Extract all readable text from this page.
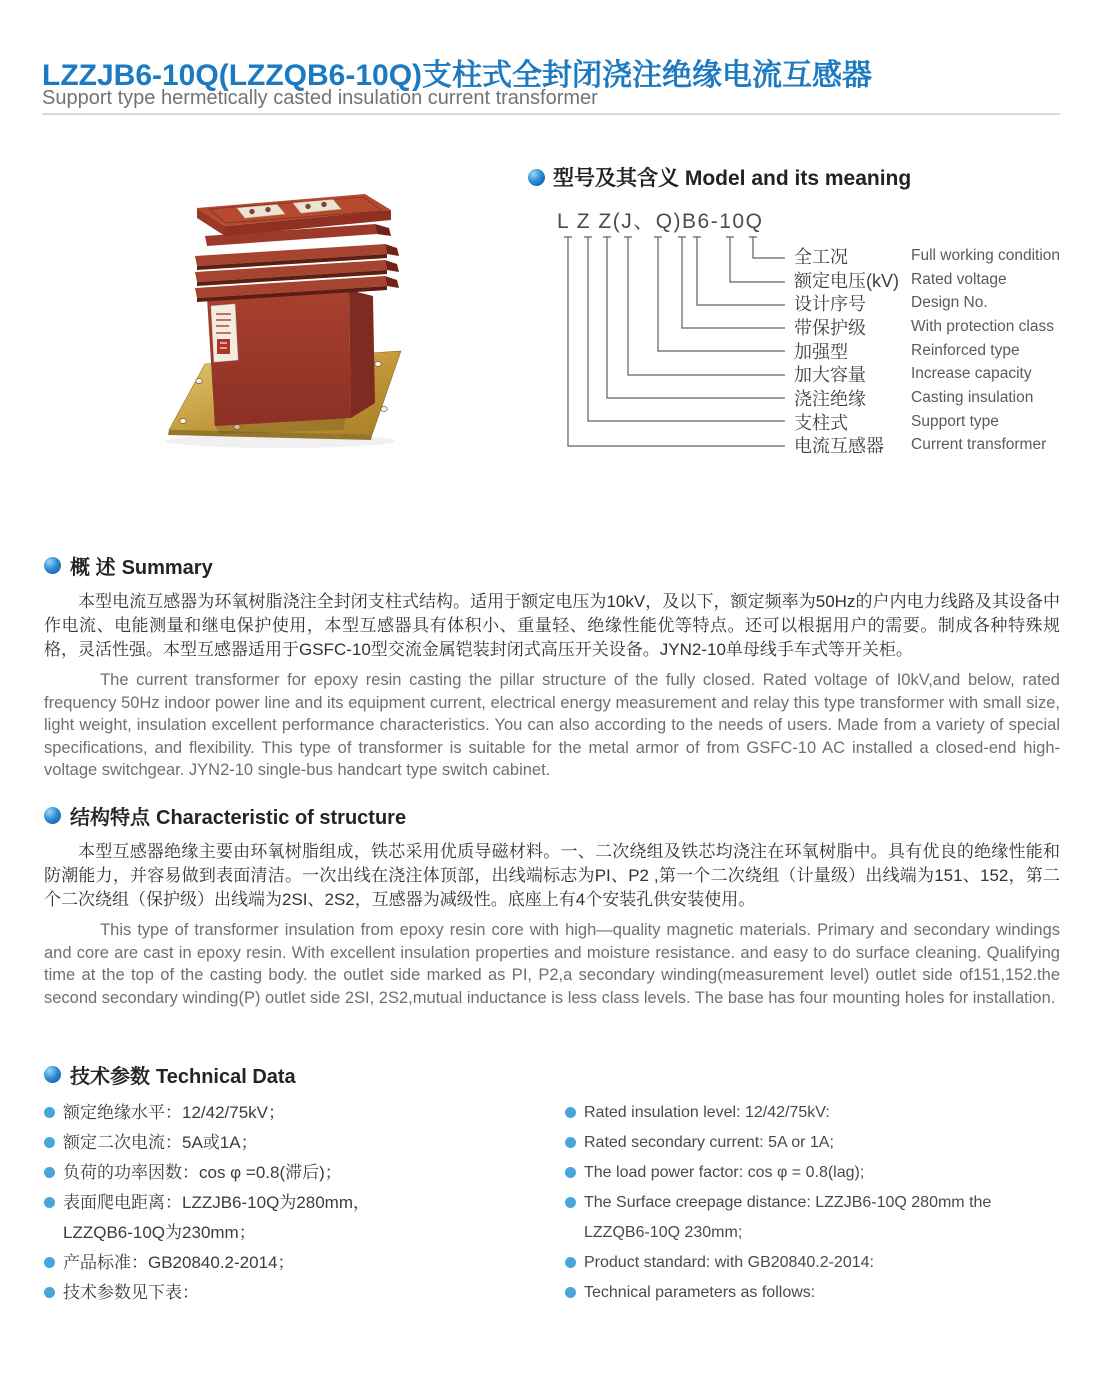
LZZJB6-10Q(LZZQB6-10Q)支柱式全封闭浇注绝缘电流互感器
Support type hermetically casted insulation current transformer
型号及其含义 Model and its meaning
L Z Z(J、Q)B6-10Q
全工况
额定电压(kV)
设计序号
带保护级
加强型
加大容量
浇注绝缘
支柱式
电流互感器
Full working condition
Rated voltage
Design No.
With protection class
Reinforced type
Increase capacity
Casting insulation
Support type
Current transformer
概 述 Summary

本型电流互感器为环氧树脂浇注全封闭支柱式结构。适用于额定电压为10kV，及以下，额定频率为50Hz的户内电力线路及其设备中作电流、电能测量和继电保护使用，本型互感器具有体积小、重量轻、绝缘性能优等特点。还可以根据用户的需要。制成各种特殊规格，灵活性强。本型互感器适用于GSFC-10型交流金属铠装封闭式高压开关设备。JYN2-10单母线手车式等开关柜。

The current transformer for epoxy resin casting the pillar structure of the fully closed. Rated voltage of I0kV,and below, rated frequency 50Hz indoor power line and its equipment current, electrical energy measurement and relay this type transformer with small size, light weight, insulation excellent performance characteristics. You can also according to the needs of users. Made from a variety of special specifications, and flexibility. This type of transformer is suitable for the metal armor of from GSFC-10 AC installed a closed-end high-voltage switchgear. JYN2-10 single-bus handcart type switch cabinet.

结构特点 Characteristic of structure

本型互感器绝缘主要由环氧树脂组成，铁芯采用优质导磁材料。一、二次绕组及铁芯均浇注在环氧树脂中。具有优良的绝缘性能和防潮能力，并容易做到表面清洁。一次出线在浇注体顶部，出线端标志为PI、P2 ,第一个二次绕组（计量级）出线端为151、152，第二个二次绕组（保护级）出线端为2SI、2S2，互感器为减级性。底座上有4个安装孔供安装使用。

This type of transformer insulation from epoxy resin core with high—quality magnetic materials. Primary and secondary windings and core are cast in epoxy resin. With excellent insulation properties and moisture resistance. and easy to do surface cleaning. Qualifying time at the top of the casting body. the outlet side marked as PI, P2,a secondary winding(measurement level) outlet side of151,152.the second secondary winding(P) outlet side 2SI, 2S2,mutual inductance is less class levels. The base has four mounting holes for installation.

技术参数 Technical Data
额定绝缘水平：12/42/75kV；
额定二次电流：5A或1A；
负荷的功率因数：cos φ =0.8(滞后)；
表面爬电距离：LZZJB6-10Q为280mm，
LZZQB6-10Q为230mm；
产品标准：GB20840.2-2014；
技术参数见下表：
Rated insulation level: 12/42/75kV:
Rated secondary current: 5A or 1A;
The load power factor: cos φ = 0.8(lag);
The Surface creepage distance: LZZJB6-10Q 280mm the
LZZQB6-10Q 230mm;
Product standard: with GB20840.2-2014:
Technical parameters as follows:
